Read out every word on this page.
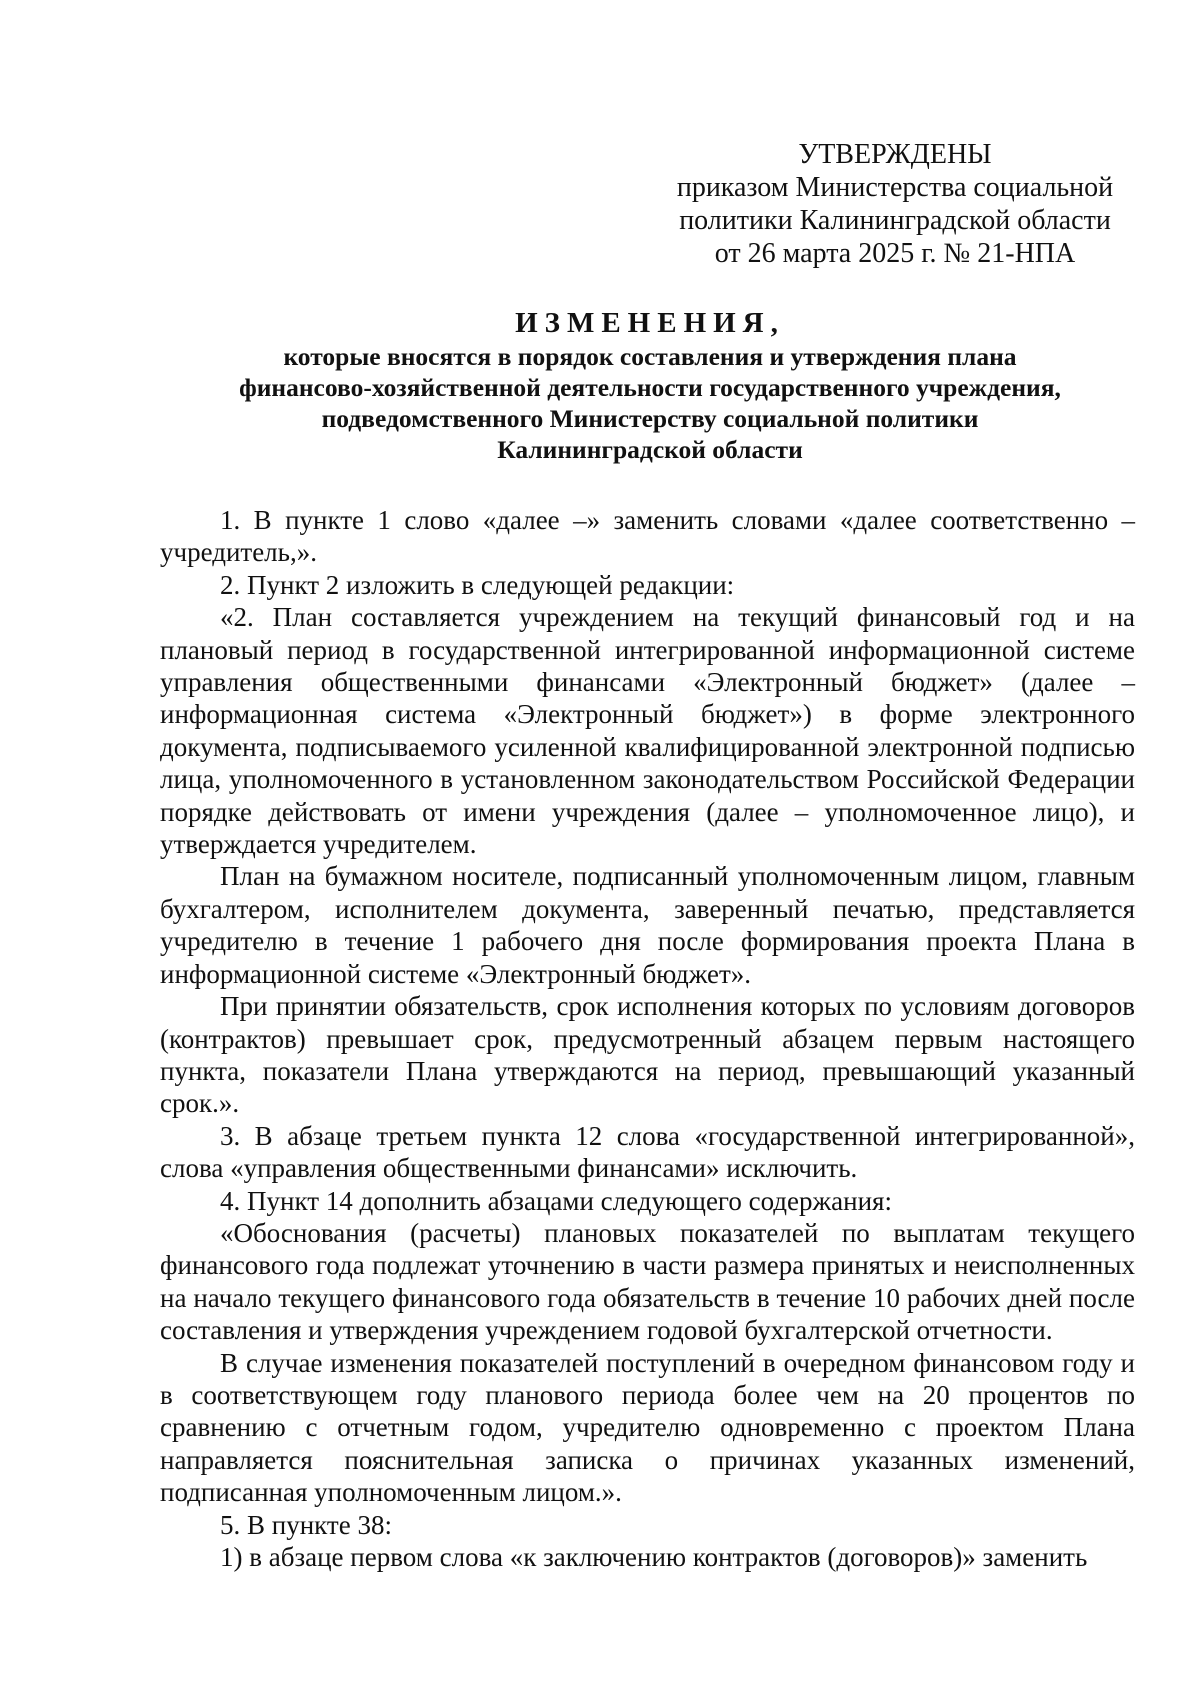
УТВЕРЖДЕНЫ
приказом Министерства социальной
политики Калининградской области
от 26 марта 2025 г. № 21-НПА
ИЗМЕНЕНИЯ,
которые вносятся в порядок составления и утверждения плана
финансово-хозяйственной деятельности государственного учреждения,
подведомственного Министерству социальной политики
Калининградской области

1. В пункте 1 слово «далее –» заменить словами «далее соответственно – учредитель,».

2. Пункт 2 изложить в следующей редакции:

«2. План составляется учреждением на текущий финансовый год и на плановый период в государственной интегрированной информационной системе управления общественными финансами «Электронный бюджет» (далее – информационная система «Электронный бюджет») в форме электронного документа, подписываемого усиленной квалифицированной электронной подписью лица, уполномоченного в установленном законодательством Российской Федерации порядке действовать от имени учреждения (далее – уполномоченное лицо), и утверждается учредителем.

План на бумажном носителе, подписанный уполномоченным лицом, главным бухгалтером, исполнителем документа, заверенный печатью, представляется учредителю в течение 1 рабочего дня после формирования проекта Плана в информационной системе «Электронный бюджет».

При принятии обязательств, срок исполнения которых по условиям договоров (контрактов) превышает срок, предусмотренный абзацем первым настоящего пункта, показатели Плана утверждаются на период, превышающий указанный срок.».

3. В абзаце третьем пункта 12 слова «государственной интегрированной», слова «управления общественными финансами» исключить.

4. Пункт 14 дополнить абзацами следующего содержания:

«Обоснования (расчеты) плановых показателей по выплатам текущего финансового года подлежат уточнению в части размера принятых и неисполненных на начало текущего финансового года обязательств в течение 10 рабочих дней после составления и утверждения учреждением годовой бухгалтерской отчетности.

В случае изменения показателей поступлений в очередном финансовом году и в соответствующем году планового периода более чем на 20 процентов по сравнению с отчетным годом, учредителю одновременно с проектом Плана направляется пояснительная записка о причинах указанных изменений, подписанная уполномоченным лицом.».

5. В пункте 38:

1) в абзаце первом слова «к заключению контрактов (договоров)» заменить
